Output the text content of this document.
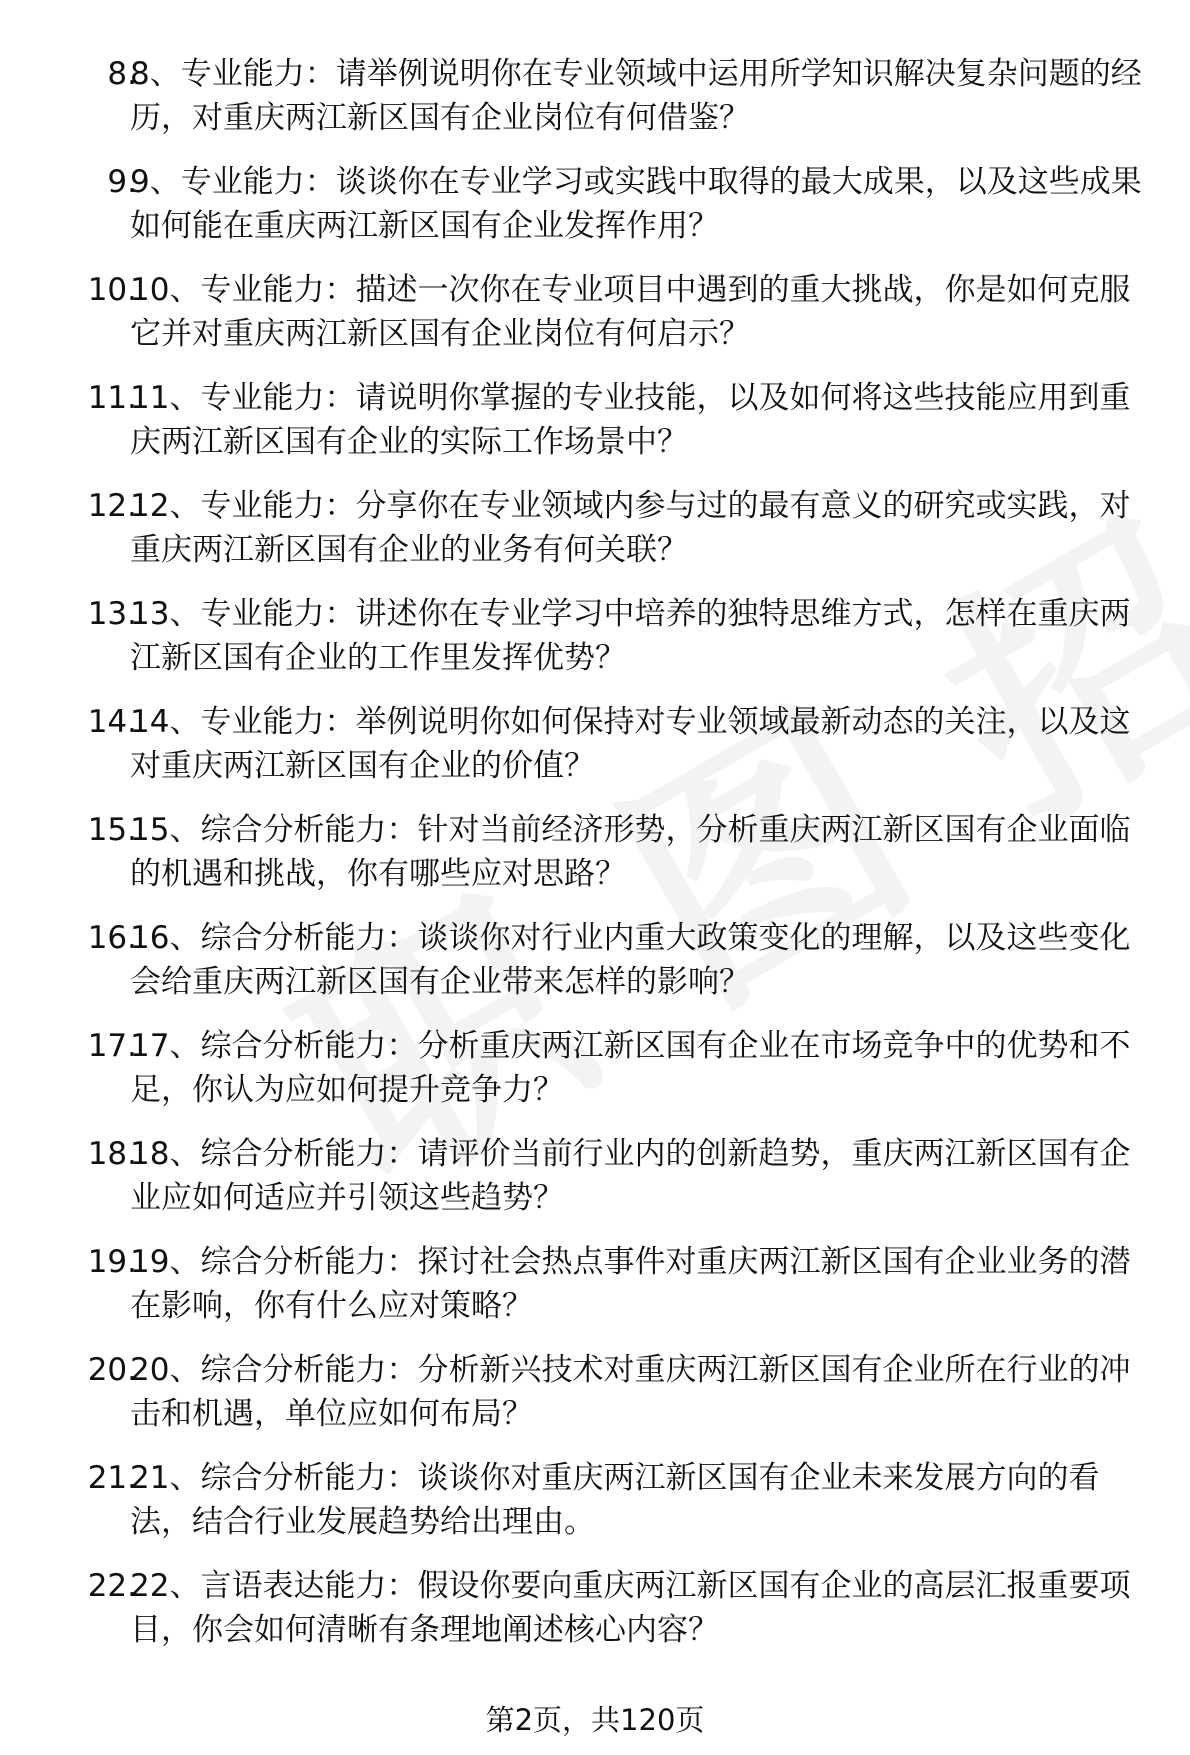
8.
8、专业能力：请举例说明你在专业领域中运用所学知识解决复杂问题的经历，对重庆两江新区国有企业岗位有何借鉴？
9.
9、专业能力：谈谈你在专业学习或实践中取得的最大成果，以及这些成果如何能在重庆两江新区国有企业发挥作用？
10.
10、专业能力：描述一次你在专业项目中遇到的重大挑战，你是如何克服它并对重庆两江新区国有企业岗位有何启示？
11.
11、专业能力：请说明你掌握的专业技能，以及如何将这些技能应用到重庆两江新区国有企业的实际工作场景中？
12.
12、专业能力：分享你在专业领域内参与过的最有意义的研究或实践，对重庆两江新区国有企业的业务有何关联？
13.
13、专业能力：讲述你在专业学习中培养的独特思维方式，怎样在重庆两江新区国有企业的工作里发挥优势？
14.
14、专业能力：举例说明你如何保持对专业领域最新动态的关注，以及这对重庆两江新区国有企业的价值？
15.
15、综合分析能力：针对当前经济形势，分析重庆两江新区国有企业面临的机遇和挑战，你有哪些应对思路？
16.
16、综合分析能力：谈谈你对行业内重大政策变化的理解，以及这些变化会给重庆两江新区国有企业带来怎样的影响？
17.
17、综合分析能力：分析重庆两江新区国有企业在市场竞争中的优势和不足，你认为应如何提升竞争力？
18.
18、综合分析能力：请评价当前行业内的创新趋势，重庆两江新区国有企业应如何适应并引领这些趋势？
19.
19、综合分析能力：探讨社会热点事件对重庆两江新区国有企业业务的潜在影响，你有什么应对策略？
20.
20、综合分析能力：分析新兴技术对重庆两江新区国有企业所在行业的冲击和机遇，单位应如何布局？
21.
21、综合分析能力：谈谈你对重庆两江新区国有企业未来发展方向的看法，结合行业发展趋势给出理由。
22.
22、言语表达能力：假设你要向重庆两江新区国有企业的高层汇报重要项目，你会如何清晰有条理地阐述核心内容？
第2页，共120页
